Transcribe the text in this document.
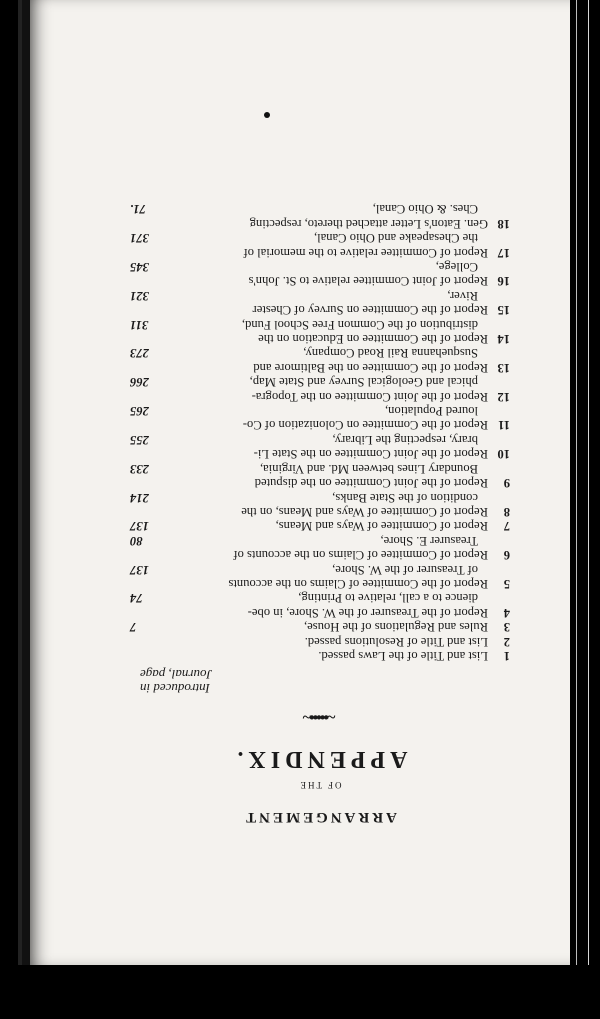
ARRANGEMENT
OF THE
APPENDIX.
~•••••~
Introduced in
Journal, page
1
List and Title of the Laws passed.
2
List and Title of Resolutions passed.
3
Rules and Regulations of the House,
7
4
Report of the Treasurer of the W. Shore, in obe-
dience to a call, relative to Printing,
74
5
Report of the Committee of Claims on the accounts
of Treasurer of the W. Shore,
137
6
Report of Committee of Claims on the accounts of
Treasurer E. Shore,
80
7
Report of Committee of Ways and Means,
137
8
Report of Committee of Ways and Means, on the
condition of the State Banks,
214
9
Report of the Joint Committee on the disputed
Boundary Lines between Md. and Virginia,
233
10
Report of the Joint Committee on the State Li-
brary, respecting the Library,
255
11
Report of the Committee on Colonization of Co-
loured Population,
265
12
Report of the Joint Committee on the Topogra-
phical and Geological Survey and State Map,
266
13
Report of the Committee on the Baltimore and
Susquehanna Rail Road Company,
273
14
Report of the Committee on Education on the
distribution of the Common Free School Fund,
311
15
Report of the Committee on Survey of Chester
River,
321
16
Report of Joint Committee relative to St. John's
College,
345
17
Report of Committee relative to the memorial of
the Chesapeake and Ohio Canal,
371
18
Gen. Eaton's Letter attached thereto, respecting
Ches. & Ohio Canal,
71.
